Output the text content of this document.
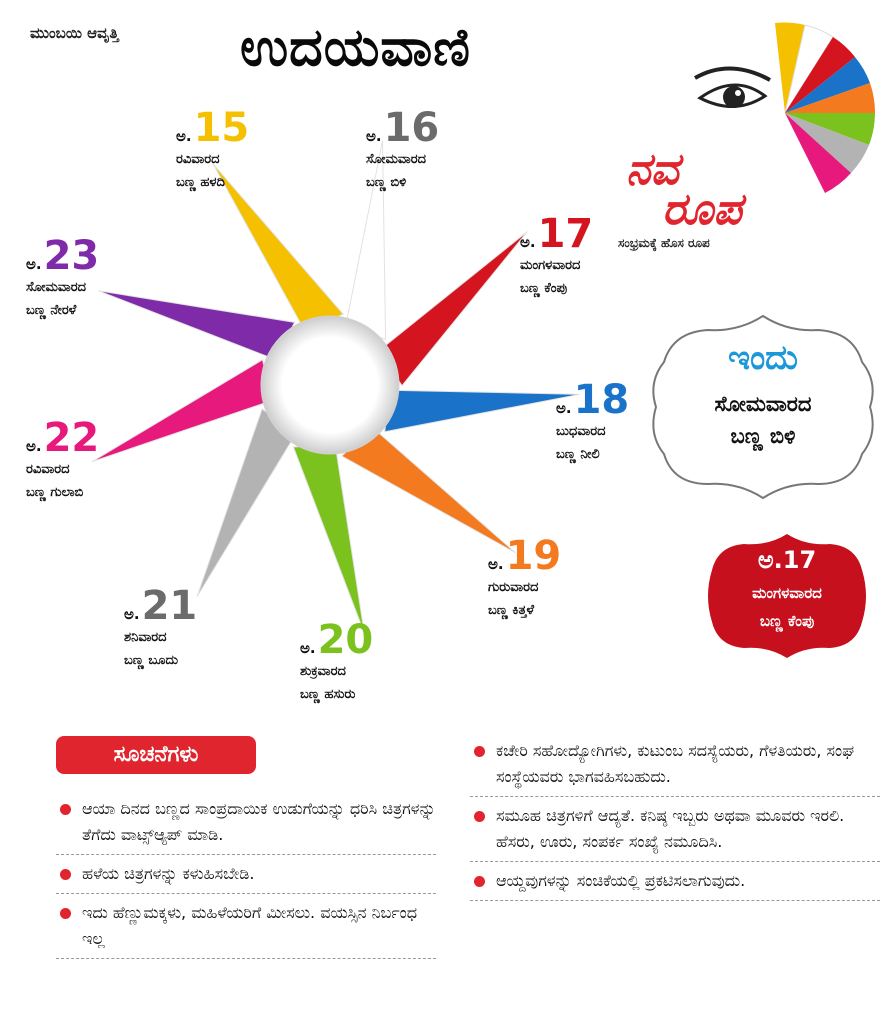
ಮುಂಬಯಿ ಆವೃತ್ತಿ ಉದಯವಾಣಿ
ನವ
ರೂಪ
ಸಂಭ್ರಮಕ್ಕೆ ಹೊಸ ರೂಪ
ಅ.15
ರವಿವಾರದ
ಬಣ್ಣ ಹಳದಿ
ಅ.16
ಸೋಮವಾರದ
ಬಣ್ಣ ಬಿಳಿ
ಅ.17
ಮಂಗಳವಾರದ
ಬಣ್ಣ ಕೆಂಪು
ಅ.18
ಬುಧವಾರದ
ಬಣ್ಣ ನೀಲಿ
ಅ.19
ಗುರುವಾರದ
ಬಣ್ಣ ಕಿತ್ತಳೆ
ಅ.20
ಶುಕ್ರವಾರದ
ಬಣ್ಣ ಹಸುರು
ಅ.21
ಶನಿವಾರದ
ಬಣ್ಣ ಬೂದು
ಅ.22
ರವಿವಾರದ
ಬಣ್ಣ ಗುಲಾಬಿ
ಅ.23
ಸೋಮವಾರದ
ಬಣ್ಣ ನೇರಳೆ
ಇಂದು
ಸೋಮವಾರದ
ಬಣ್ಣ ಬಿಳಿ
ಅ.17
ಮಂಗಳವಾರದ
ಬಣ್ಣ ಕೆಂಪು
ಸೂಚನೆಗಳು
ಆಯಾ ದಿನದ ಬಣ್ಣದ ಸಾಂಪ್ರದಾಯಿಕ ಉಡುಗೆಯನ್ನು ಧರಿಸಿ ಚಿತ್ರಗಳನ್ನು ತೆಗೆದು ವಾಟ್ಸ್ಆ್ಯಪ್ ಮಾಡಿ.
ಹಳೆಯ ಚಿತ್ರಗಳನ್ನು ಕಳುಹಿಸಬೇಡಿ.
ಇದು ಹೆಣ್ಣುಮಕ್ಕಳು, ಮಹಿಳೆಯರಿಗೆ ಮೀಸಲು. ವಯಸ್ಸಿನ ನಿರ್ಬಂಧ ಇಲ್ಲ
ಕಚೇರಿ ಸಹೋದ್ಯೋಗಿಗಳು, ಕುಟುಂಬ ಸದಸ್ಯೆಯರು, ಗೆಳತಿಯರು, ಸಂಘ ಸಂಸ್ಥೆಯವರು ಭಾಗವಹಿಸಬಹುದು.
ಸಮೂಹ ಚಿತ್ರಗಳಿಗೆ ಆದ್ಯತೆ. ಕನಿಷ್ಠ ಇಬ್ಬರು ಅಥವಾ ಮೂವರು ಇರಲಿ. ಹೆಸರು, ಊರು, ಸಂಪರ್ಕ ಸಂಖ್ಯೆ ನಮೂದಿಸಿ.
ಆಯ್ದವುಗಳನ್ನು ಸಂಚಿಕೆಯಲ್ಲಿ ಪ್ರಕಟಿಸಲಾಗುವುದು.
